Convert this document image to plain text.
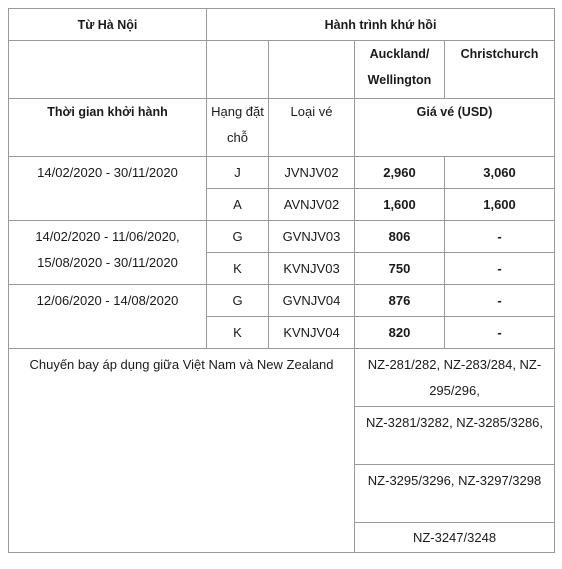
Từ Hà Nội	Hành trình khứ hồi			
			Auckland/ Wellington	Christchurch
Thời gian khởi hành	Hạng đặt chỗ	Loại vé	Giá vé (USD)	
14/02/2020 - 30/11/2020	J	JVNJV02	2,960	3,060
	A	AVNJV02	1,600	1,600
14/02/2020 - 11/06/2020, 15/08/2020 - 30/11/2020	G	GVNJV03	806	-
	K	KVNJV03	750	-
12/06/2020 - 14/08/2020	G	GVNJV04	876	-
	K	KVNJV04	820	-
Chuyến bay áp dụng giữa Việt Nam và New Zealand			NZ-281/282, NZ-283/284, NZ-295/296,	
			NZ-3281/3282, NZ-3285/3286,	
			NZ-3295/3296, NZ-3297/3298	
			NZ-3247/3248	
